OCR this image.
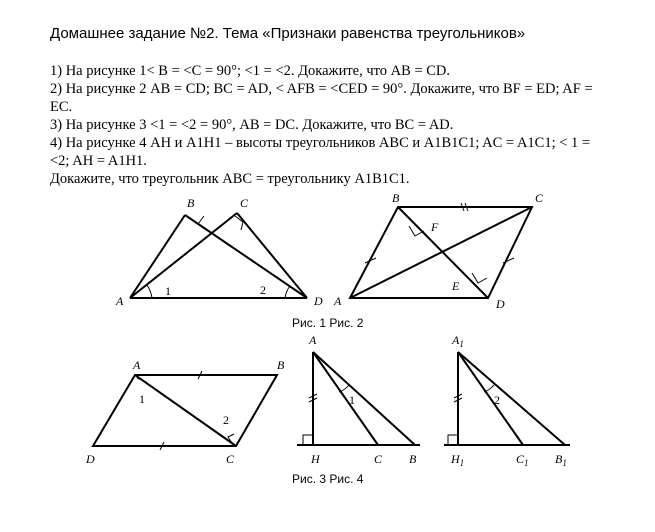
Домашнее задание №2. Тема «Признаки равенства треугольников»
1) На рисунке 1< B = <C = 90°; <1 = <2. Докажите, что AB = CD.
2) На рисунке 2 AB = CD; BC = AD, < AFB = <CED = 90°. Докажите, что BF = ED; AF = EC.
3) На рисунке 3 <1 = <2 = 90°, AB = DC. Докажите, что BC = AD.
4) На рисунке 4 AH и A1H1 – высоты треугольников ABC и A1B1C1; AC = A1C1; < 1 = <2; AH = A1H1.
Докажите, что треугольник ABC = треугольнику A1B1C1.
Рис. 1 Рис. 2
Рис. 3 Рис. 4
A
B	C
D
1	2
A
B	C
D
E
F
A	B
C
D
1
2
A
H	C B
1
$A_1$
$H_1$	$C_1$ $B_1$
2
